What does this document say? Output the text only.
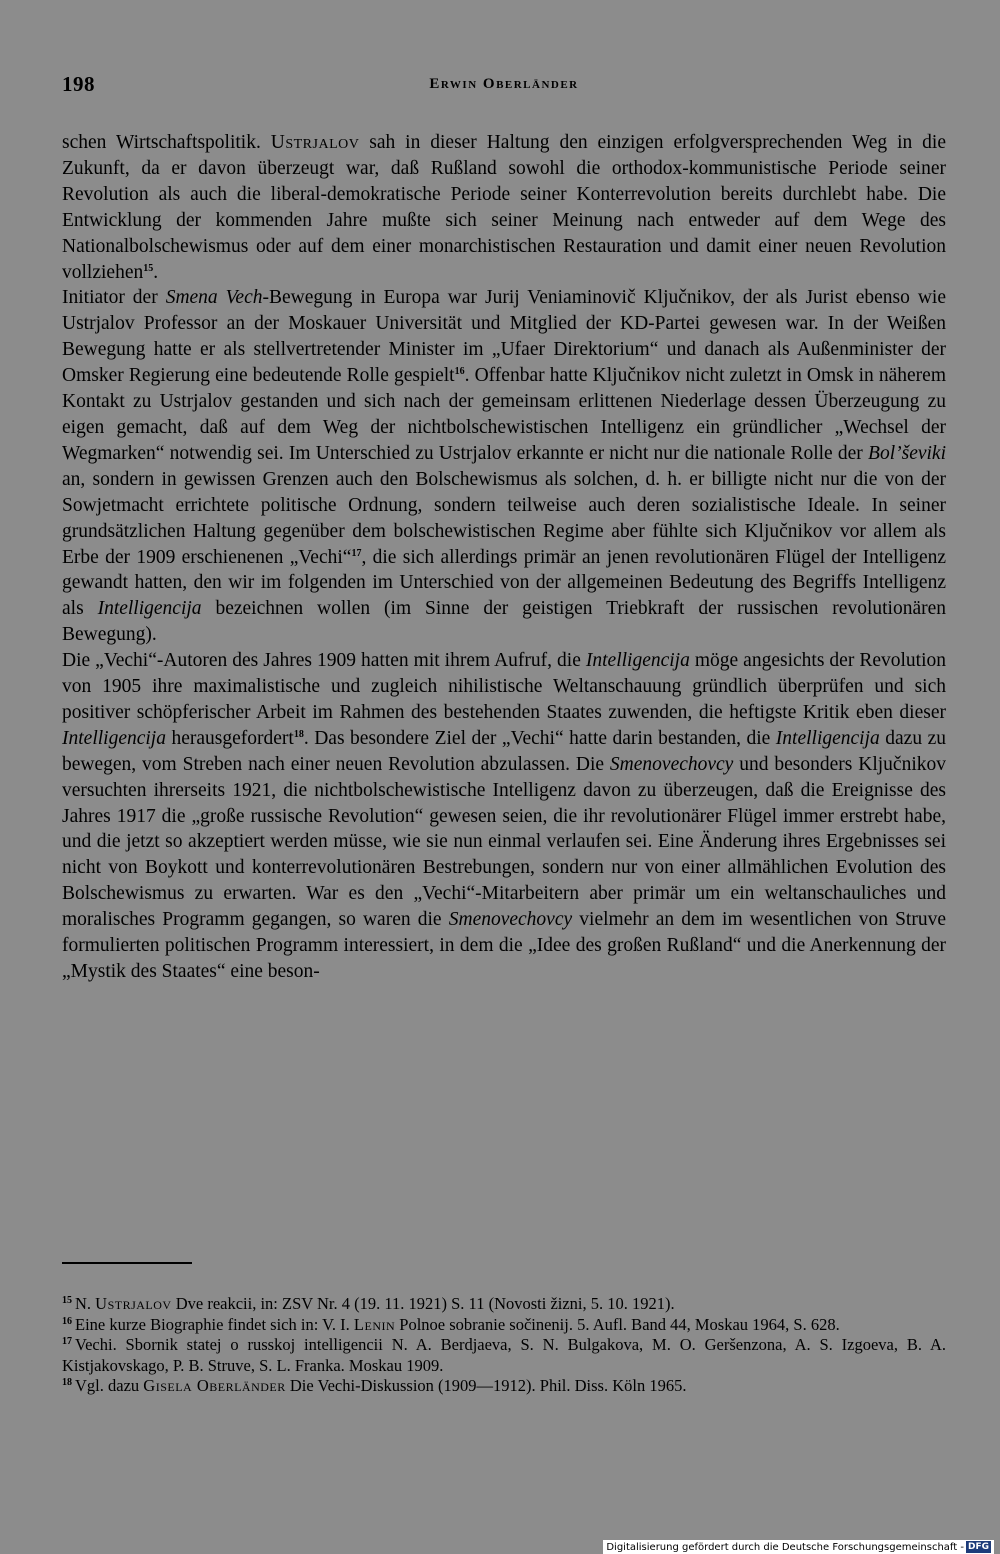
198	Erwin Oberländer

schen Wirtschaftspolitik. Ustrjalov sah in dieser Haltung den einzigen erfolgversprechenden Weg in die Zukunft, da er davon überzeugt war, daß Rußland sowohl die orthodox-kommunistische Periode seiner Revolution als auch die liberal-demokratische Periode seiner Konterrevolution bereits durchlebt habe. Die Entwicklung der kommenden Jahre mußte sich seiner Meinung nach entweder auf dem Wege des Nationalbolschewismus oder auf dem einer monarchistischen Restauration und damit einer neuen Revolution vollziehen$^{15}$.

Initiator der Smena Vech-Bewegung in Europa war Jurij Veniaminovič Ključnikov, der als Jurist ebenso wie Ustrjalov Professor an der Moskauer Universität und Mitglied der KD-Partei gewesen war. In der Weißen Bewegung hatte er als stellvertretender Minister im „Ufaer Direktorium“ und danach als Außenminister der Omsker Regierung eine bedeutende Rolle gespielt$^{16}$. Offenbar hatte Ključnikov nicht zuletzt in Omsk in näherem Kontakt zu Ustrjalov gestanden und sich nach der gemeinsam erlittenen Niederlage dessen Überzeugung zu eigen gemacht, daß auf dem Weg der nichtbolschewistischen Intelligenz ein gründlicher „Wechsel der Wegmarken“ notwendig sei. Im Unterschied zu Ustrjalov erkannte er nicht nur die nationale Rolle der Bol’ševiki an, sondern in gewissen Grenzen auch den Bolschewismus als solchen, d. h. er billigte nicht nur die von der Sowjetmacht errichtete politische Ordnung, sondern teilweise auch deren sozialistische Ideale. In seiner grundsätzlichen Haltung gegenüber dem bolschewistischen Regime aber fühlte sich Ključnikov vor allem als Erbe der 1909 erschienenen „Vechi“$^{17}$, die sich allerdings primär an jenen revolutionären Flügel der Intelligenz gewandt hatten, den wir im folgenden im Unterschied von der allgemeinen Bedeutung des Begriffs Intelligenz als Intelligencija bezeichnen wollen (im Sinne der geistigen Triebkraft der russischen revolutionären Bewegung).

Die „Vechi“-Autoren des Jahres 1909 hatten mit ihrem Aufruf, die Intelligencija möge angesichts der Revolution von 1905 ihre maximalistische und zugleich nihilistische Weltanschauung gründlich überprüfen und sich positiver schöpferischer Arbeit im Rahmen des bestehenden Staates zuwenden, die heftigste Kritik eben dieser Intelligencija herausgefordert$^{18}$. Das besondere Ziel der „Vechi“ hatte darin bestanden, die Intelligencija dazu zu bewegen, vom Streben nach einer neuen Revolution abzulassen. Die Smenovechovcy und besonders Ključnikov versuchten ihrerseits 1921, die nichtbolschewistische Intelligenz davon zu überzeugen, daß die Ereignisse des Jahres 1917 die „große russische Revolution“ gewesen seien, die ihr revolutionärer Flügel immer erstrebt habe, und die jetzt so akzeptiert werden müsse, wie sie nun einmal verlaufen sei. Eine Änderung ihres Ergebnisses sei nicht von Boykott und konterrevolutionären Bestrebungen, sondern nur von einer allmählichen Evolution des Bolschewismus zu erwarten. War es den „Vechi“-Mitarbeitern aber primär um ein weltanschauliches und moralisches Programm gegangen, so waren die Smenovechovcy vielmehr an dem im wesentlichen von Struve formulierten politischen Programm interessiert, in dem die „Idee des großen Rußland“ und die Anerkennung der „Mystik des Staates“ eine beson-

$^{15}$ N. Ustrjalov Dve reakcii, in: ZSV Nr. 4 (19. 11. 1921) S. 11 (Novosti žizni, 5. 10. 1921).

$^{16}$ Eine kurze Biographie findet sich in: V. I. Lenin Polnoe sobranie sočinenij. 5. Aufl. Band 44, Moskau 1964, S. 628.

$^{17}$ Vechi. Sbornik statej o russkoj intelligencii N. A. Berdjaeva, S. N. Bulgakova, M. O. Geršenzona, A. S. Izgoeva, B. A. Kistjakovskago, P. B. Struve, S. L. Franka. Moskau 1909.

$^{18}$ Vgl. dazu Gisela Oberländer Die Vechi-Diskussion (1909—1912). Phil. Diss. Köln 1965.

Digitalisierung gefördert durch die Deutsche Forschungsgemeinschaft - DFG
